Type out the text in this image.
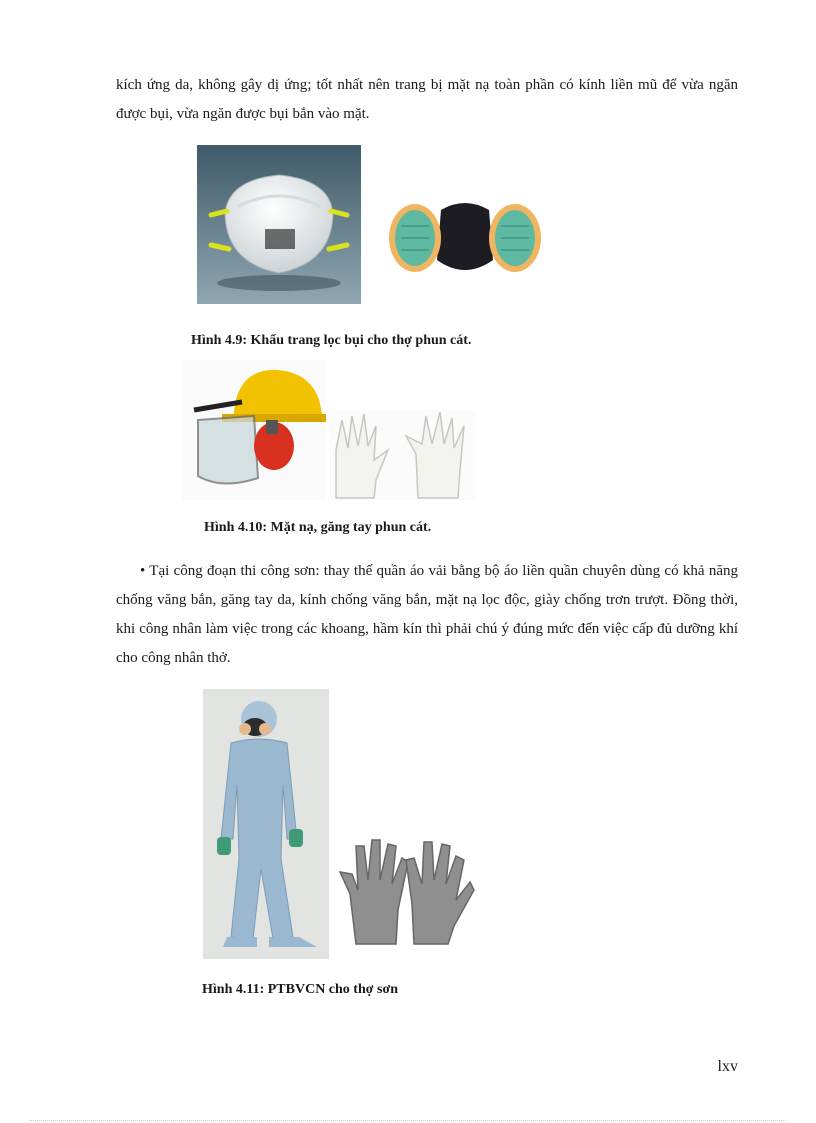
kích ứng da, không gây dị ứng; tốt nhất nên trang bị mặt nạ toàn phần có kính liền mũ để vừa ngăn được bụi, vừa ngăn được bụi bắn vào mặt.

Hình 4.9: Khẩu trang lọc bụi cho thợ phun cát.

Hình 4.10: Mặt nạ, găng tay phun cát.

• Tại công đoạn thi công sơn: thay thế quần áo vải bằng bộ áo liền quần chuyên dùng có khả năng chống văng bắn, găng tay da, kính chống văng bắn, mặt nạ lọc độc, giày chống trơn trượt. Đồng thời, khi công nhân làm việc trong các khoang, hầm kín thì phải chú ý đúng mức đến việc cấp đủ dưỡng khí cho công nhân thở.

Hình 4.11: PTBVCN cho thợ sơn

lxv
